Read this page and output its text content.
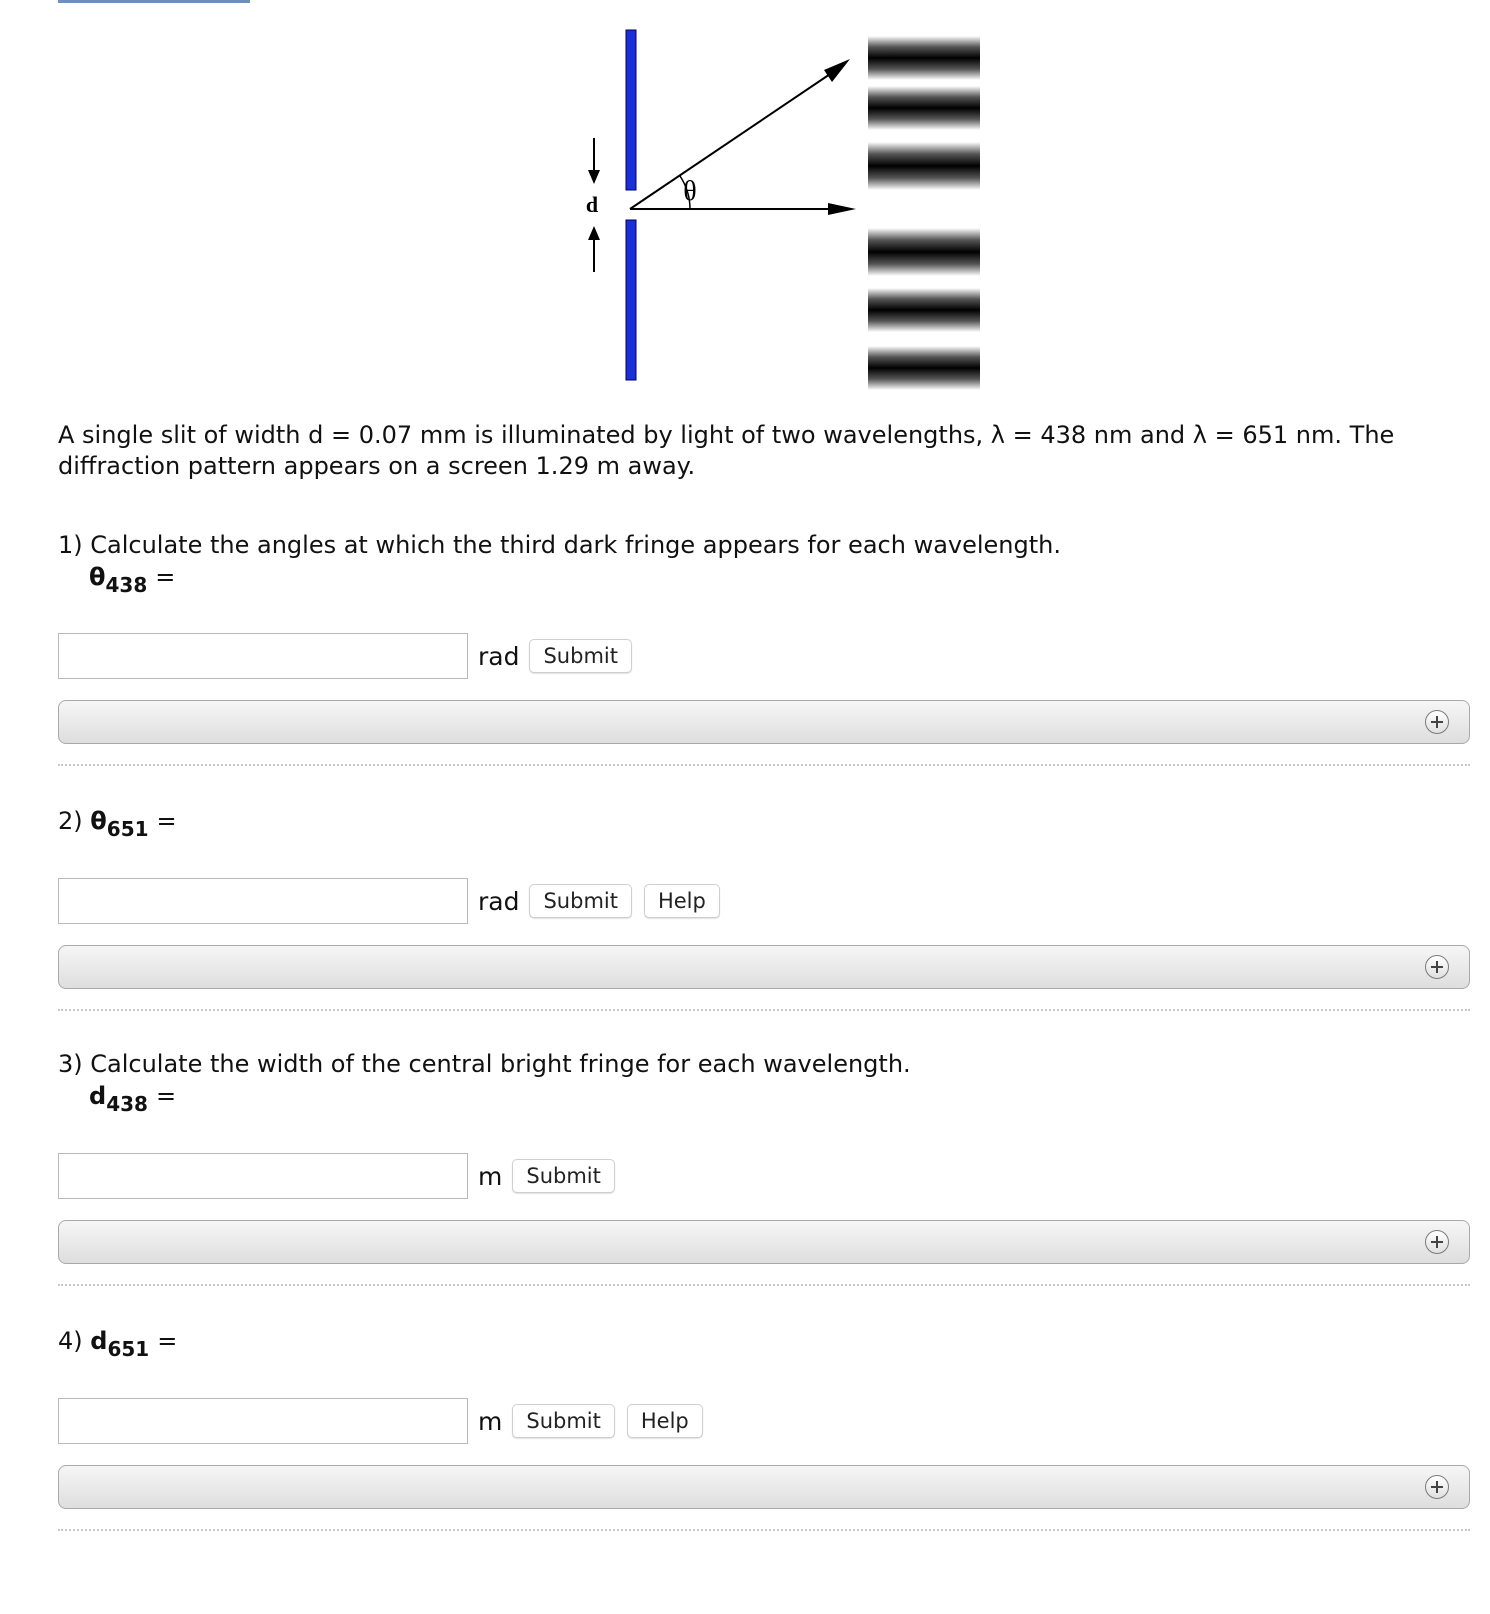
d	θ
A single slit of width d = 0.07 mm is illuminated by light of two wavelengths, λ = 438 nm and λ = 651 nm. The diffraction pattern appears on a screen 1.29 m away.
1) Calculate the angles at which the third dark fringe appears for each wavelength.
$\theta_{438}$ =
rad	Submit
2) $\theta_{651}$ =
rad	Submit	Help
3) Calculate the width of the central bright fringe for each wavelength.
$d_{438}$ =
m	Submit
4) $d_{651}$ =
m	Submit	Help
